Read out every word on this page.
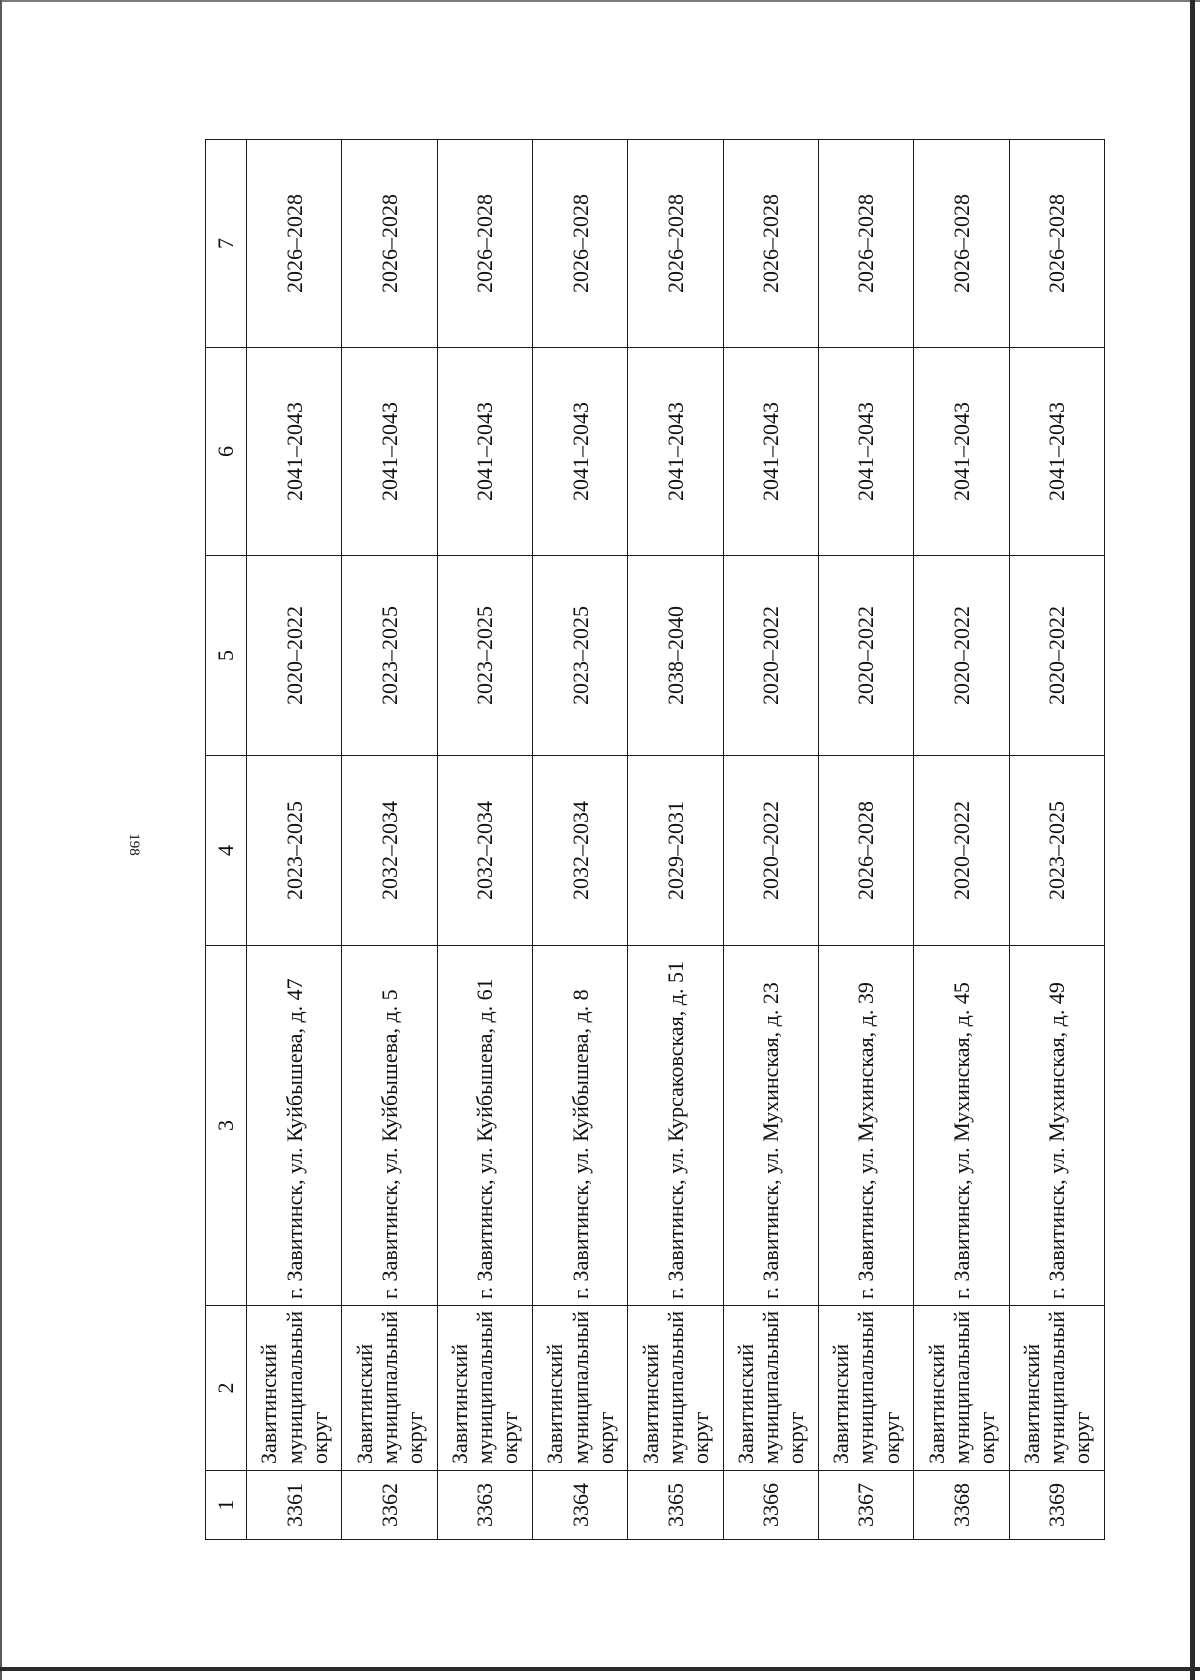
198
1	2	3	4	5	6	7
3361	Завитинский муниципальный округ	г. Завитинск, ул. Куйбышева, д. 47	2023–2025	2020–2022	2041–2043	2026–2028
3362	Завитинский муниципальный округ	г. Завитинск, ул. Куйбышева, д. 5	2032–2034	2023–2025	2041–2043	2026–2028
3363	Завитинский муниципальный округ	г. Завитинск, ул. Куйбышева, д. 61	2032–2034	2023–2025	2041–2043	2026–2028
3364	Завитинский муниципальный округ	г. Завитинск, ул. Куйбышева, д. 8	2032–2034	2023–2025	2041–2043	2026–2028
3365	Завитинский муниципальный округ	г. Завитинск, ул. Курсаковская, д. 51	2029–2031	2038–2040	2041–2043	2026–2028
3366	Завитинский муниципальный округ	г. Завитинск, ул. Мухинская, д. 23	2020–2022	2020–2022	2041–2043	2026–2028
3367	Завитинский муниципальный округ	г. Завитинск, ул. Мухинская, д. 39	2026–2028	2020–2022	2041–2043	2026–2028
3368	Завитинский муниципальный округ	г. Завитинск, ул. Мухинская, д. 45	2020–2022	2020–2022	2041–2043	2026–2028
3369	Завитинский муниципальный округ	г. Завитинск, ул. Мухинская, д. 49	2023–2025	2020–2022	2041–2043	2026–2028
